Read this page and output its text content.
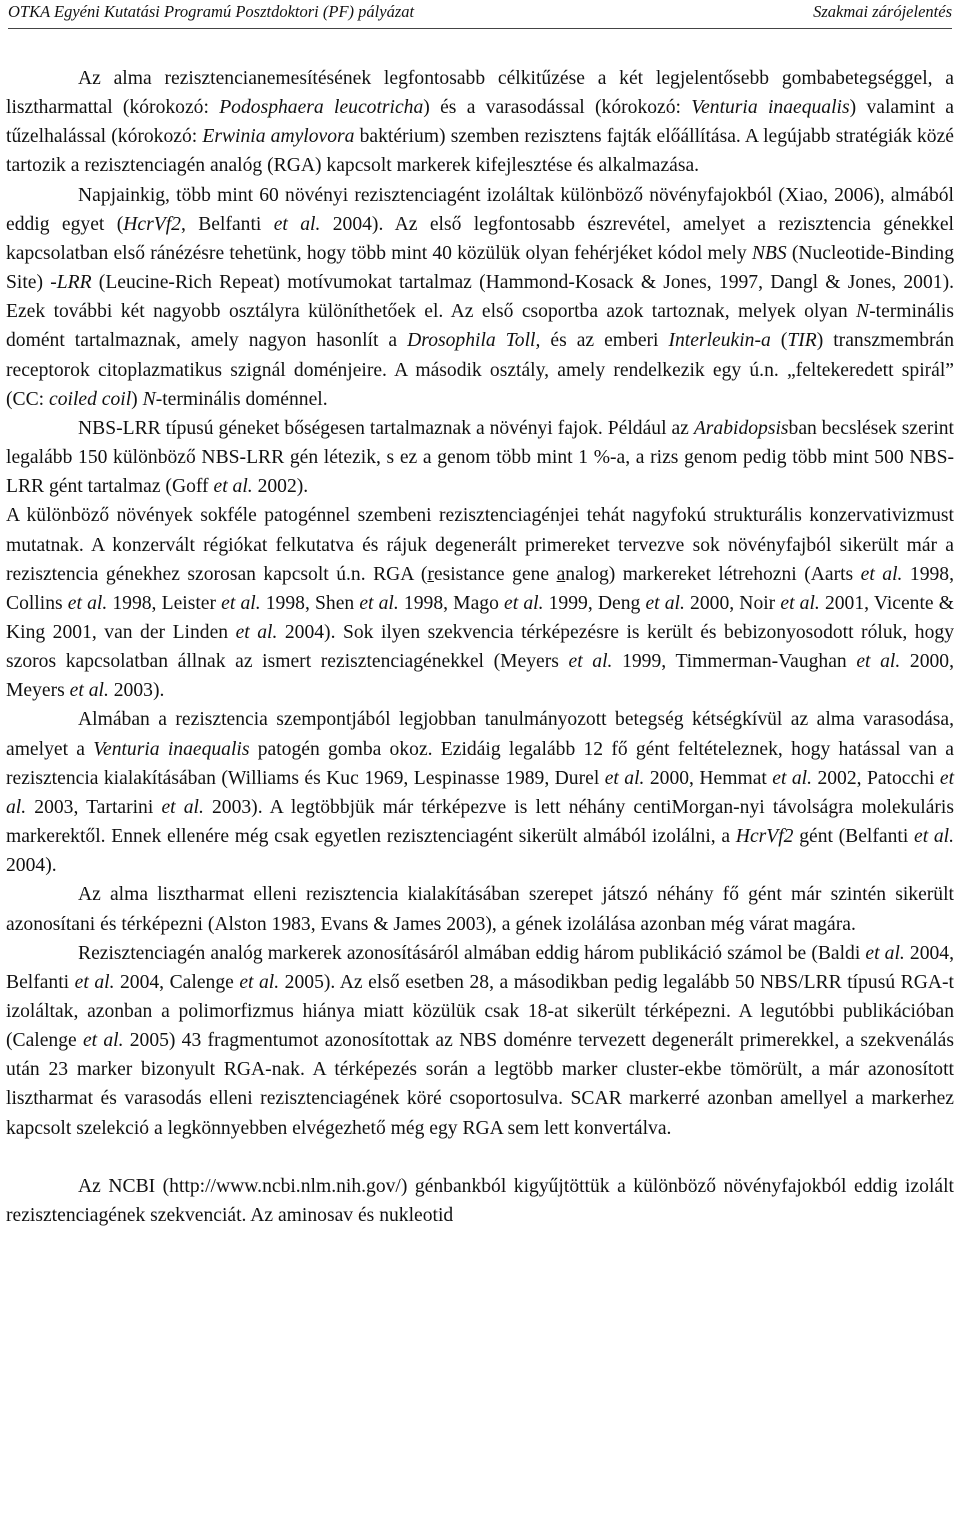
OTKA Egyéni Kutatási Programú Posztdoktori (PF) pályázat	Szakmai zárójelentés

Az alma rezisztencianemesítésének legfontosabb célkitűzése a két legjelentősebb gombabetegséggel, a lisztharmattal (kórokozó: Podosphaera leucotricha) és a varasodással (kórokozó: Venturia inaequalis) valamint a tűzelhalással (kórokozó: Erwinia amylovora baktérium) szemben rezisztens fajták előállítása. A legújabb stratégiák közé tartozik a rezisztenciagén analóg (RGA) kapcsolt markerek kifejlesztése és alkalmazása.

Napjainkig, több mint 60 növényi rezisztenciagént izoláltak különböző növényfajokból (Xiao, 2006), almából eddig egyet (HcrVf2, Belfanti et al. 2004). Az első legfontosabb észrevétel, amelyet a rezisztencia génekkel kapcsolatban első ránézésre tehetünk, hogy több mint 40 közülük olyan fehérjéket kódol mely NBS (Nucleotide-Binding Site) -LRR (Leucine-Rich Repeat) motívumokat tartalmaz (Hammond-Kosack & Jones, 1997, Dangl & Jones, 2001). Ezek további két nagyobb osztályra különíthetőek el. Az első csoportba azok tartoznak, melyek olyan N-terminális domént tartalmaznak, amely nagyon hasonlít a Drosophila Toll, és az emberi Interleukin-a (TIR) transzmembrán receptorok citoplazmatikus szignál doménjeire. A második osztály, amely rendelkezik egy ú.n. „feltekeredett spirál” (CC: coiled coil) N-terminális doménnel.

NBS-LRR típusú géneket bőségesen tartalmaznak a növényi fajok. Például az Arabidopsisban becslések szerint legalább 150 különböző NBS-LRR gén létezik, s ez a genom több mint 1 %-a, a rizs genom pedig több mint 500 NBS-LRR gént tartalmaz (Goff et al. 2002).

A különböző növények sokféle patogénnel szembeni rezisztenciagénjei tehát nagyfokú strukturális konzervativizmust mutatnak. A konzervált régiókat felkutatva és rájuk degenerált primereket tervezve sok növényfajból sikerült már a rezisztencia génekhez szorosan kapcsolt ú.n. RGA (resistance gene analog) markereket létrehozni (Aarts et al. 1998, Collins et al. 1998, Leister et al. 1998, Shen et al. 1998, Mago et al. 1999, Deng et al. 2000, Noir et al. 2001, Vicente & King 2001, van der Linden et al. 2004). Sok ilyen szekvencia térképezésre is került és bebizonyosodott róluk, hogy szoros kapcsolatban állnak az ismert rezisztenciagénekkel (Meyers et al. 1999, Timmerman-Vaughan et al. 2000, Meyers et al. 2003).

Almában a rezisztencia szempontjából legjobban tanulmányozott betegség kétségkívül az alma varasodása, amelyet a Venturia inaequalis patogén gomba okoz. Ezidáig legalább 12 fő gént feltételeznek, hogy hatással van a rezisztencia kialakításában (Williams és Kuc 1969, Lespinasse 1989, Durel et al. 2000, Hemmat et al. 2002, Patocchi et al. 2003, Tartarini et al. 2003). A legtöbbjük már térképezve is lett néhány centiMorgan-nyi távolságra molekuláris markerektől. Ennek ellenére még csak egyetlen rezisztenciagént sikerült almából izolálni, a HcrVf2 gént (Belfanti et al. 2004).

Az alma lisztharmat elleni rezisztencia kialakításában szerepet játszó néhány fő gént már szintén sikerült azonosítani és térképezni (Alston 1983, Evans & James 2003), a gének izolálása azonban még várat magára.

Rezisztenciagén analóg markerek azonosításáról almában eddig három publikáció számol be (Baldi et al. 2004, Belfanti et al. 2004, Calenge et al. 2005). Az első esetben 28, a másodikban pedig legalább 50 NBS/LRR típusú RGA-t izoláltak, azonban a polimorfizmus hiánya miatt közülük csak 18-at sikerült térképezni. A legutóbbi publikációban (Calenge et al. 2005) 43 fragmentumot azonosítottak az NBS doménre tervezett degenerált primerekkel, a szekvenálás után 23 marker bizonyult RGA-nak. A térképezés során a legtöbb marker cluster-ekbe tömörült, a már azonosított lisztharmat és varasodás elleni rezisztenciagének köré csoportosulva. SCAR markerré azonban amellyel a markerhez kapcsolt szelekció a legkönnyebben elvégezhető még egy RGA sem lett konvertálva.

Az NCBI (http://www.ncbi.nlm.nih.gov/) génbankból kigyűjtöttük a különböző növényfajokból eddig izolált rezisztenciagének szekvenciát. Az aminosav és nukleotid
